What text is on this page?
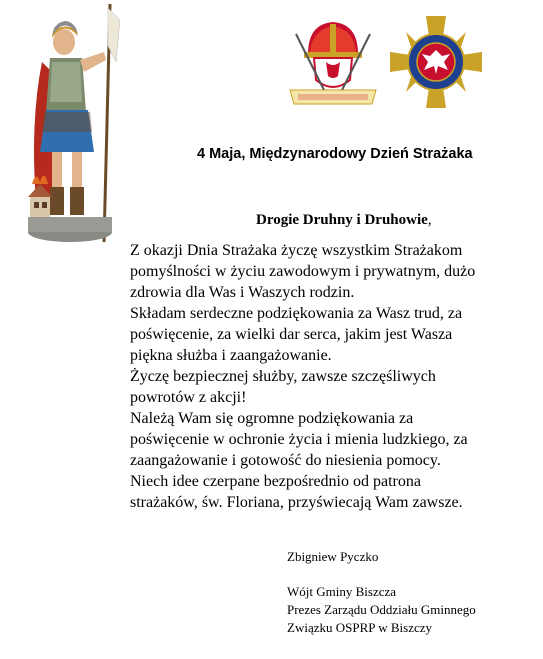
4 Maja, Międzynarodowy Dzień Strażaka
Drogie Druhny i Druhowie,
Z okazji Dnia Strażaka życzę wszystkim Strażakom
pomyślności w życiu zawodowym i prywatnym, dużo
zdrowia dla Was i Waszych rodzin.
Składam serdeczne podziękowania za Wasz trud, za
poświęcenie, za wielki dar serca, jakim jest Wasza
piękna służba i zaangażowanie.
Życzę bezpiecznej służby, zawsze szczęśliwych
powrotów z akcji!
Należą Wam się ogromne podziękowania za
poświęcenie w ochronie życia i mienia ludzkiego, za
zaangażowanie i gotowość do niesienia pomocy.
Niech idee czerpane bezpośrednio od patrona
strażaków, św. Floriana, przyświecają Wam zawsze.
Zbigniew Pyczko
Wójt Gminy Biszcza
Prezes Zarządu Oddziału Gminnego
Związku OSPRP w Biszczy
